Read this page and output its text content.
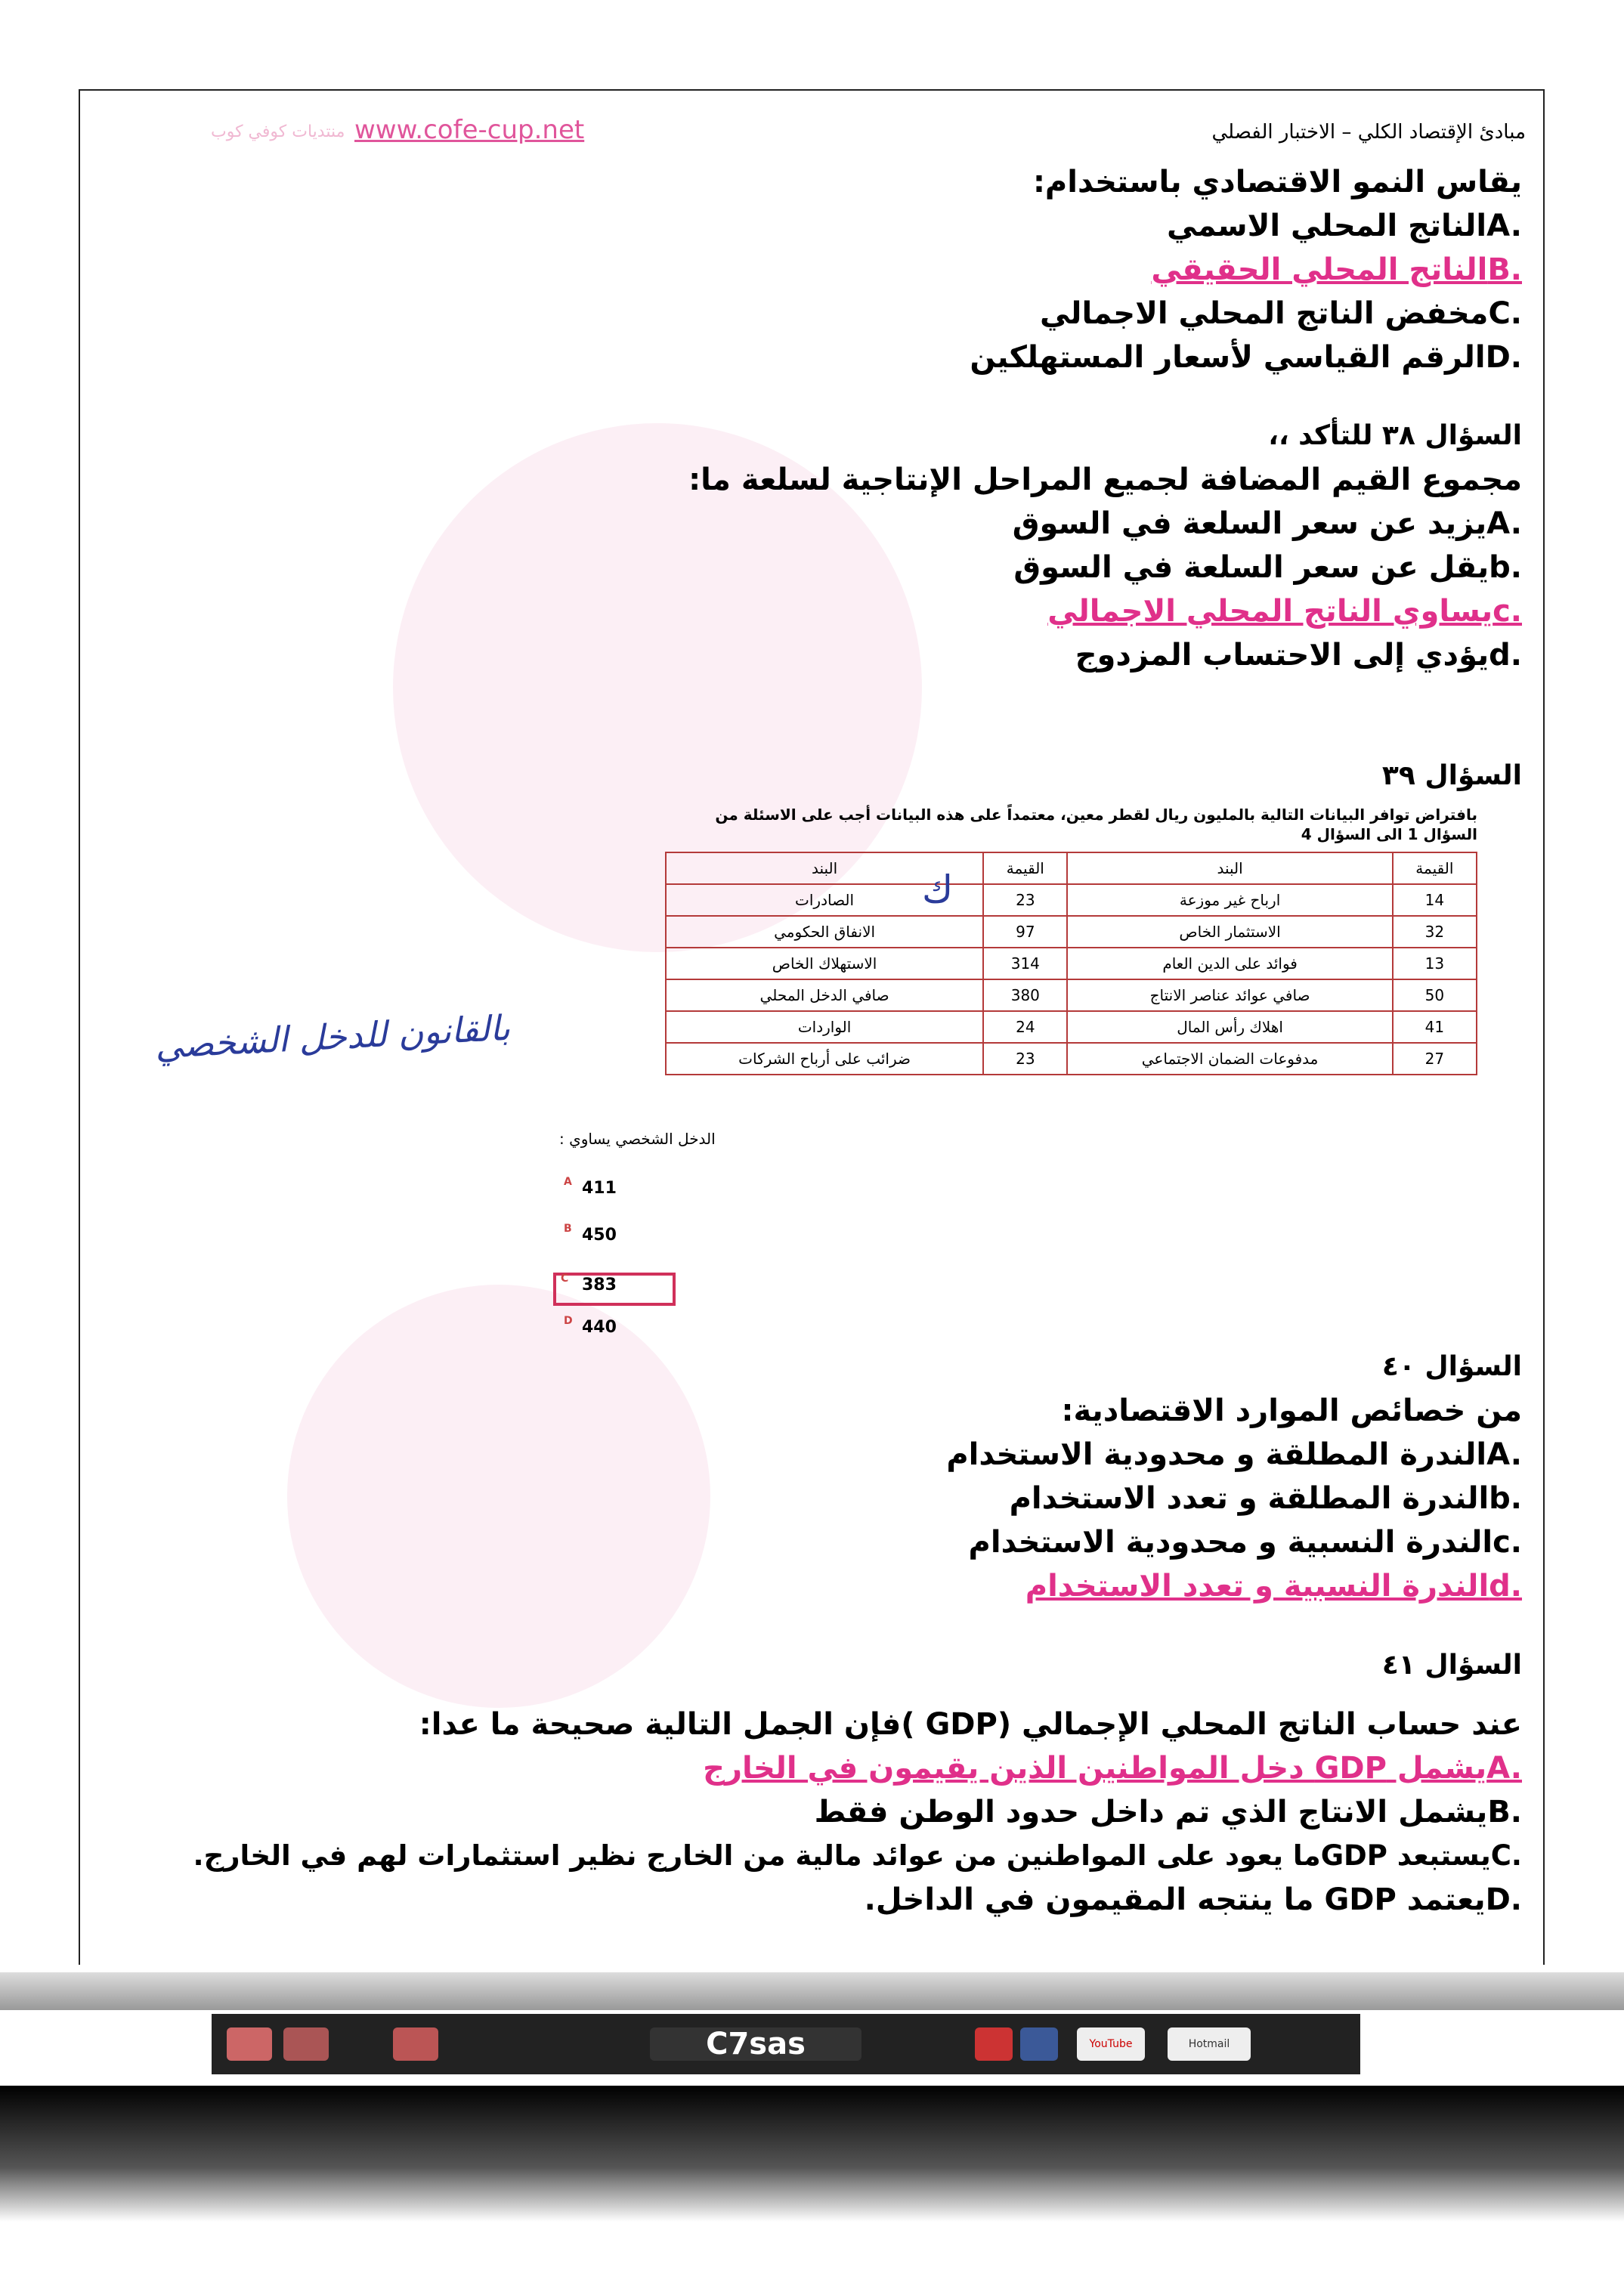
مبادئ الإقتصاد الكلي – الاختبار الفصلي
www.cofe-cup.net
منتديات كوفي كوب
يقاس النمو الاقتصادي باستخدام:
A.الناتج المحلي الاسمي
B.الناتج المحلي الحقيقي
C.مخفض الناتج المحلي الاجمالي
D.الرقم القياسي لأسعار المستهلكين
السؤال ٣٨ للتأكد ،،
مجموع القيم المضافة لجميع المراحل الإنتاجية لسلعة ما:
A.يزيد عن سعر السلعة في السوق
b.يقل عن سعر السلعة في السوق
c.يساوي الناتج المحلي الاجمالي
d.يؤدي إلى الاحتساب المزدوج
السؤال ٣٩
بافتراض توافر البيانات التالية بالمليون ريال لقطر معين، معتمداً على هذه البيانات أجب على الاسئلة من السؤال 1 الى السؤال 4
القيمة	البند	القيمة	البند
14	ارباح غير موزعة	23	الصادرات
32	الاستثمار الخاص	97	الانفاق الحكومي
13	فوائد على الدين العام	314	الاستهلاك الخاص
50	صافي عوائد عناصر الانتاج	380	صافي الدخل المحلي
41	اهلاك رأس المال	24	الواردات
27	مدفوعات الضمان الاجتماعي	23	ضرائب على أرباح الشركات
ك
بالقانون للدخل الشخصي
الدخل الشخصي يساوي :
A 411
B 450
C 383
D 440
السؤال ٤٠
من خصائص الموارد الاقتصادية:
A.الندرة المطلقة و محدودية الاستخدام
b.الندرة المطلقة و تعدد الاستخدام
c.الندرة النسبية و محدودية الاستخدام
d.الندرة النسبية و تعدد الاستخدام
السؤال ٤١
عند حساب الناتج المحلي الإجمالي (GDP )فإن الجمل التالية صحيحة ما عدا:
A.يشمل GDP دخل المواطنين الذين يقيمون في الخارج
B.يشمل الانتاج الذي تم داخل حدود الوطن فقط
C.يستبعد GDPما يعود على المواطنين من عوائد مالية من الخارج نظير استثمارات لهم في الخارج.
D.يعتمد GDP ما ينتجه المقيمون في الداخل.
C7sas	YouTube	Hotmail
